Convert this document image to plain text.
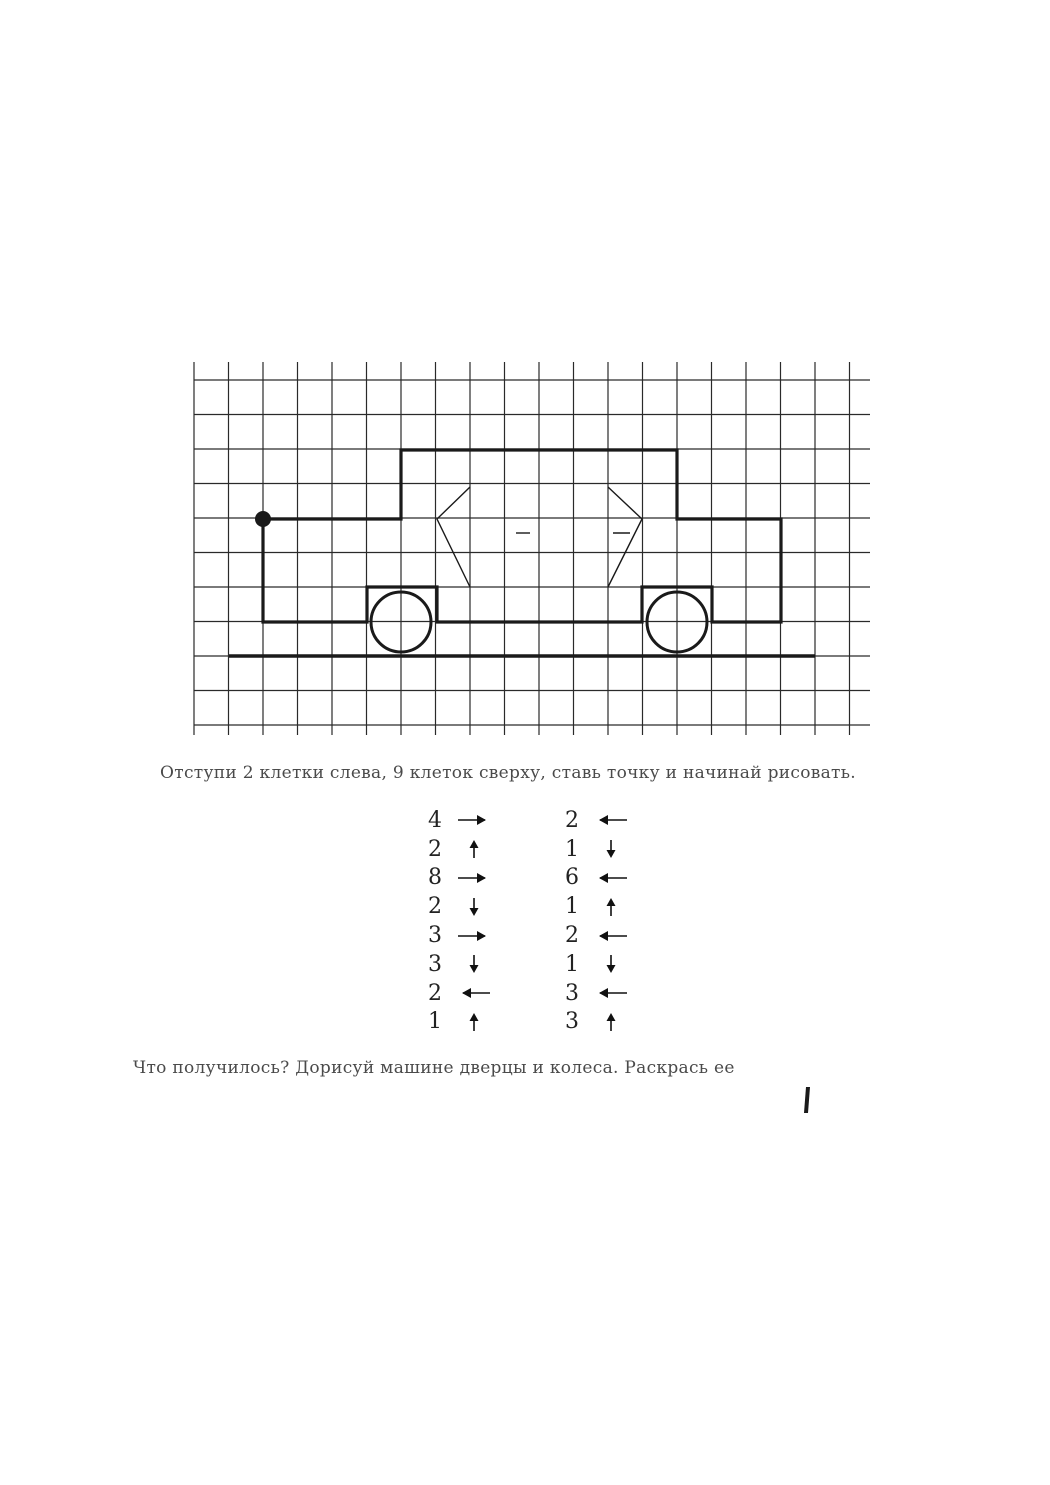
Отступи 2 клетки слева, 9 клеток сверху, ставь точку и начинай рисовать.
4
2
8
2
3
3
2
1
2
1
6
1
2
1
3
3
Что получилось? Дорисуй машине дверцы и колеса. Раскрась ее
